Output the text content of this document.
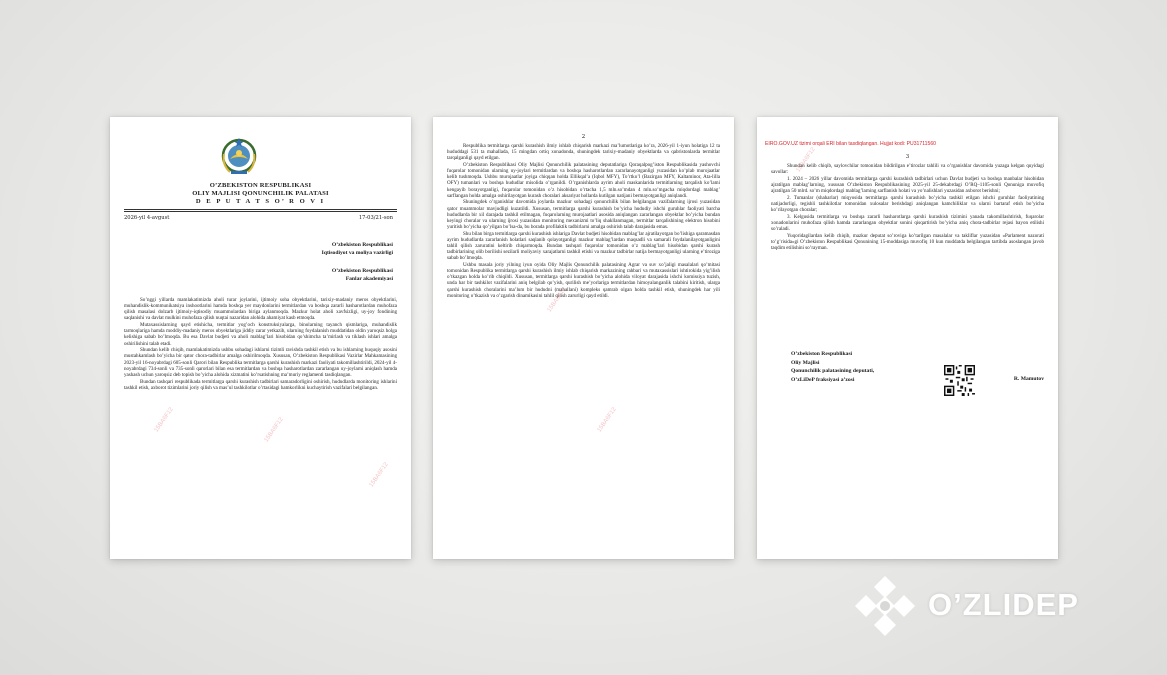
O’ZBEKISTON RESPUBLIKASI
OLIY MAJLISI QONUNCHILIK PALATASI
D E P U T A T S O’ R O V I
2026-yil 4-avgust	17-03/21-son
O’zbekiston Respublikasi
Iqtisodiyot va moliya vazirligi
O’zbekiston Respublikasi
Fanlar akademiyasi

So’nggi yillarda mamlakatimizda aholi turar joylarini, ijtimoiy soha obyektlarini, tarixiy-madaniy meros obyektlarini, muhandislik-kommunikatsiya inshootlarini hamda boshqa yer maydonlarini termitlardan va boshqa zararli hasharotlardan muhofaza qilish masalasi dolzarb ijtimoiy-iqtisodiy muammolardan biriga aylanmoqda. Mazkur holat aholi xavfsizligi, uy-joy fondining saqlanishi va davlat mulkini muhofaza qilish nuqtai nazaridan alohida ahamiyat kasb etmoqda.

Mutaxassislarning qayd etishicha, termitlar yog’och konstruksiyalarga, binolarning tayanch qismlariga, muhandislik tarmoqlariga hamda moddiy-madaniy meros obyektlariga jiddiy zarar yetkazib, ularning foydalanish muddatidan oldin yaroqsiz holga kelishiga sabab bo’lmoqda. Bu esa Davlat budjeti va aholi mablag’lari hisobidan qo’shimcha ta’mirlash va tiklash ishlari amalga oshirilishini talab etadi.

Shundan kelib chiqib, mamlakatimizda ushbu sohadagi ishlarni tizimli ravishda tashkil etish va bu ishlarning huquqiy asosini mustahkamlash bo’yicha bir qator chora-tadbirlar amalga oshirilmoqda. Xususan, O’zbekiston Respublikasi Vazirlar Mahkamasining 2023-yil 16-noyabrdagi 605-sonli Qarori bilan Respublika termitlarga qarshi kurashish markazi faoliyati takomillashtirildi, 2024-yil 4-noyabrdagi 734-sonli va 735-sonli qarorlari bilan esa termitlardan va boshqa hasharotlardan zararlangan uy-joylarni aniqlash hamda yashash uchun yaroqsiz deb topish bo’yicha alohida xizmatini ko’rsatishning ma’muriy reglamenti tasdiqlangan.

Bundan tashqari respublikada termitlarga qarshi kurashish tadbirlari samaradorligini oshirish, hududlarda monitoring ishlarini tashkil etish, axborot tizimlarini joriy qilish va mas’ul tashkilotlar o’rtasidagi hamkorlikni kuchaytirish vazifalari belgilangan.

15BA6F12	15BA6F12
15BA6F12
2

Respublika termitlarga qarshi kurashish ilmiy ishlab chiqarish markazi ma’lumotlariga ko’ra, 2026-yil 1-iyun holatiga 12 ta hududdagi 531 ta mahallada, 15 mingdan ortiq xonadonda, shuningdek tarixiy-madaniy obyektlarda va qabristonlarda termitlar tarqalganligi qayd etilgan.

O’zbekiston Respublikasi Oliy Majlisi Qonunchilik palatasining deputatlariga Qoraqalpog’iston Respublikasida yashovchi fuqarolar tomonidan ularning uy-joylari termitlardan va boshqa hasharotlardan zararlanayotganligi yuzasidan ko’plab murojaatlar kelib tushmoqda. Ushbu murojaatlar joyiga chiqqan holda Ellikqal’a (Iqbol MFY), To’rtko’l (Bazirgan MFY, Kaltaminor, Ata-lilla OFY) tumanlari va boshqa hududlar misolida o’rganildi. O’rganishlarda ayrim aholi maskanlarida termitlarning tarqalish ko’lami kengayib borayotganligi, fuqarolar tomonidan o’z hisobidan o’rtacha 1,5 mln.so’mdan 4 mln.so’mgacha miqdordagi mablag’ sarflangan holda amalga oshirilayotgan kurash choralari aksariyat hollarda kutilgan natijani bermayotganligi aniqlandi.

Shuningdek o’rganishlar davomida joylarda mazkur sohadagi qonunchilik bilan belgilangan vazifalarning ijrosi yuzasidan qator muammolar mavjudligi kuzatildi. Xususan, termitlarga qarshi kurashish bo’yicha hududiy ishchi guruhlar faoliyati barcha hududlarda bir xil darajada tashkil etilmagan, fuqarolarning murojaatlari asosida aniqlangan zararlangan obyektlar bo’yicha bundan keyingi choralar va ularning ijrosi yuzasidan monitoring mexanizmi to’liq shakllanmagan, termitlar tarqalishining elektron hisobini yuritish bo’yicha qo’yilgan bo’lsa-da, bu borada profilaktik tadbirlarni amalga oshirish talab darajasida emas.

Shu bilan birga termitlarga qarshi kurashish ishlariga Davlat budjeti hisobidan mablag’lar ajratilayotgan bo’lishiga qaramasdan ayrim hududlarda zararlanish holatlari saqlanib qolayotganligi mazkur mablag’lardan maqsadli va samarali foydalanilayotganligini tahlil qilish zaruratini keltirib chiqarmoqda. Bundan tashqari fuqarolar tomonidan o’z mablag’lari hisobidan qarshi kurash tadbirlarining olib borilishi sezilarli moliyaviy xarajatlarni tashkil etishi va mazkur tadbirlar natija bermayotganligi ularning e’tiroziga sabab bo’lmoqda.

Ushbu masala joriy yilning iyun oyida Oliy Majlis Qonunchilik palatasining Agrar va suv xo’jaligi masalalari qo’mitasi tomonidan Respublika termitlarga qarshi kurashish ilmiy ishlab chiqarish markazining rahbari va mutaxassislari ishtirokida yig’ilish o’tkazgan holda ko’rib chiqildi. Xususan, termitlarga qarshi kurashish bo’yicha alohida viloyat darajasida ishchi komissiya tuzish, unda har bir tashkilot vazifalarini aniq belgilab qo’yish, qurilish me’yorlariga termitlardan himoyalanganlik talabini kiritish, ularga qarshi kurashish choralarini ma’lum bir hududni (mahallani) kompleks qamrab olgan holda tashkil etish, shuningdek har yili monitoring o’tkazish va o’zgarish dinamikasini tahlil qilish zarurligi qayd etildi.

15BA6F12
15BA6F12
EIRO.GOV.UZ tizimi orqali ERI bilan tasdiqlangan. Hujjat kodi: PU31711560
3

Shundan kelib chiqib, saylovchilar tomonidan bildirilgan e’tirozlar tahlili va o’rganishlar davomida yuzaga kelgan quyidagi savollar:

1. 2024 – 2026 yillar davomida termitlarga qarshi kurashish tadbirlari uchun Davlat budjeti va boshqa manbalar hisobidan ajratilgan mablag’larning, xususan O’zbekiston Respublikasining 2025-yil 25-dekabrdagi O’RQ–1105-sonli Qonuniga muvofiq ajratilgan 50 mlrd. so’m miqdordagi mablag’larning sarflanish holati va yo’nalishlari yuzasidan axborot berishni;

2. Tumanlar (shaharlar) miqyosida termitlarga qarshi kurashish bo’yicha tashkil etilgan ishchi guruhlar faoliyatining natijadorligi, tegishli tashkilotlar tomonidan xulosalar berishdagi aniqlangan kamchiliklar va ularni bartaraf etish bo’yicha ko’rilayotgan choralar;

3. Kelgusida termitlarga va boshqa zararli hasharotlarga qarshi kurashish tizimini yanada takomillashtirish, fuqarolar xonadonlarini muhofaza qilish hamda zararlangan obyektlar sonini qisqartirish bo’yicha aniq chora-tadbirlar rejasi bayon etilishi so’raladi.

Yuqoridagilardan kelib chiqib, mazkur deputat so’roviga ko’tarilgan masalalar va takliflar yuzasidan «Parlament nazorati to’g’risida»gi O’zbekiston Respublikasi Qonunining 15-moddasiga muvofiq 10 kun muddatda belgilangan tartibda asoslangan javob taqdim etilishini so’rayman.

O’zbekiston Respublikasi
Oliy Majlisi
Qonunchilik palatasining deputati,
O’zLiDeP fraksiyasi a’zosi	R. Mamutov
15BA6F12
O’ZLIDEP
